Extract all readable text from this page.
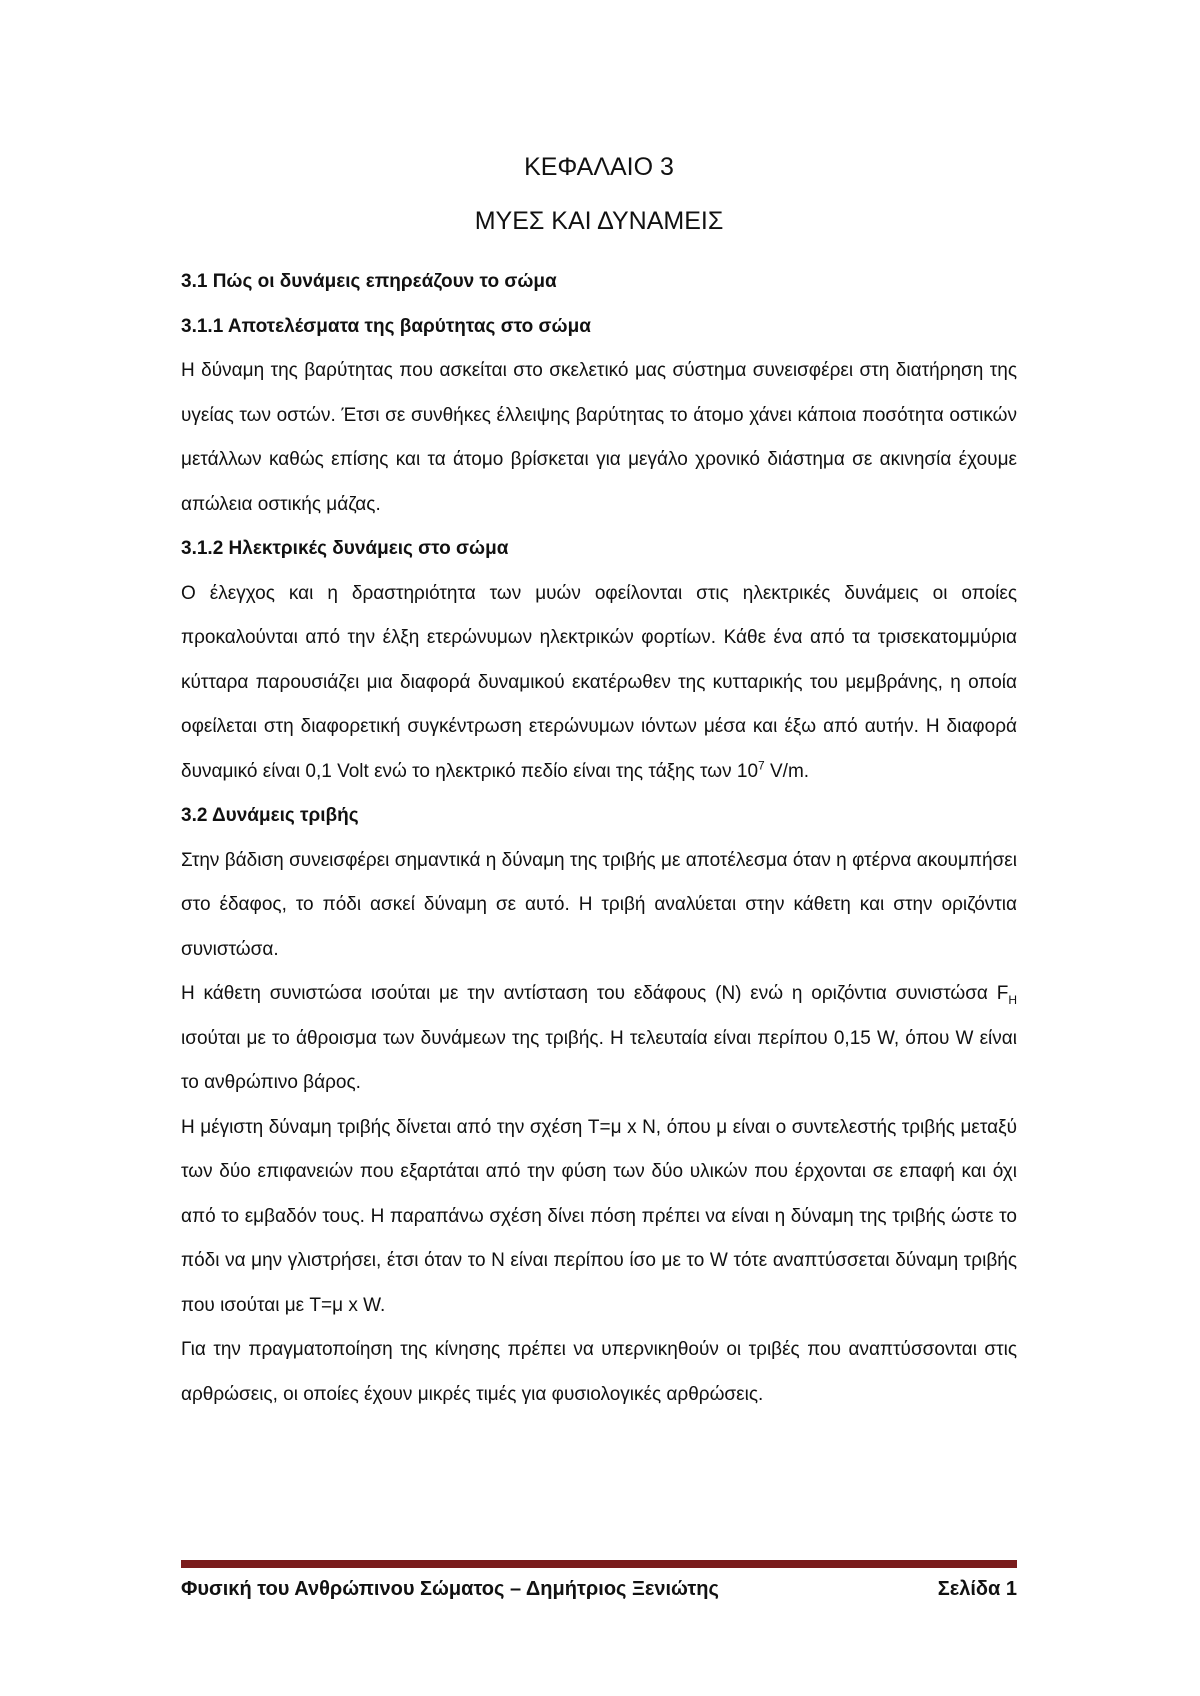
ΚΕΦΑΛΑΙΟ 3
ΜΥΕΣ ΚΑΙ ΔΥΝΑΜΕΙΣ
3.1 Πώς οι δυνάμεις επηρεάζουν το σώμα
3.1.1 Αποτελέσματα της βαρύτητας στο σώμα

Η δύναμη της βαρύτητας που ασκείται στο σκελετικό μας σύστημα συνεισφέρει στη διατήρηση της υγείας των οστών. Έτσι σε συνθήκες έλλειψης βαρύτητας το άτομο χάνει κάποια ποσότητα οστικών μετάλλων καθώς επίσης και τα άτομο βρίσκεται για μεγάλο χρονικό διάστημα σε ακινησία έχουμε απώλεια οστικής μάζας.

3.1.2 Ηλεκτρικές δυνάμεις στο σώμα

Ο έλεγχος και η δραστηριότητα των μυών οφείλονται στις ηλεκτρικές δυνάμεις οι οποίες προκαλούνται από την έλξη ετερώνυμων ηλεκτρικών φορτίων. Κάθε ένα από τα τρισεκατομμύρια κύτταρα παρουσιάζει μια διαφορά δυναμικού εκατέρωθεν της κυτταρικής του μεμβράνης, η οποία οφείλεται στη διαφορετική συγκέντρωση ετερώνυμων ιόντων μέσα και έξω από αυτήν. Η διαφορά δυναμικό είναι 0,1 Volt ενώ το ηλεκτρικό πεδίο είναι της τάξης των $10^7$ V/m.

3.2 Δυνάμεις τριβής

Στην βάδιση συνεισφέρει σημαντικά η δύναμη της τριβής με αποτέλεσμα όταν η φτέρνα ακουμπήσει στο έδαφος, το πόδι ασκεί δύναμη σε αυτό. Η τριβή αναλύεται στην κάθετη και στην οριζόντια συνιστώσα.

Η κάθετη συνιστώσα ισούται με την αντίσταση του εδάφους (N) ενώ η οριζόντια συνιστώσα $F_H$ ισούται με το άθροισμα των δυνάμεων της τριβής. Η τελευταία είναι περίπου 0,15 W, όπου W είναι το ανθρώπινο βάρος.

Η μέγιστη δύναμη τριβής δίνεται από την σχέση T=μ x N, όπου μ είναι ο συντελεστής τριβής μεταξύ των δύο επιφανειών που εξαρτάται από την φύση των δύο υλικών που έρχονται σε επαφή και όχι από το εμβαδόν τους. Η παραπάνω σχέση δίνει πόση πρέπει να είναι η δύναμη της τριβής ώστε το πόδι να μην γλιστρήσει, έτσι όταν το N είναι περίπου ίσο με το W τότε αναπτύσσεται δύναμη τριβής που ισούται με T=μ x W.

Για την πραγματοποίηση της κίνησης πρέπει να υπερνικηθούν οι τριβές που αναπτύσσονται στις αρθρώσεις, οι οποίες έχουν μικρές τιμές για φυσιολογικές αρθρώσεις.

Φυσική του Ανθρώπινου Σώματος – Δημήτριος Ξενιώτης	Σελίδα 1
